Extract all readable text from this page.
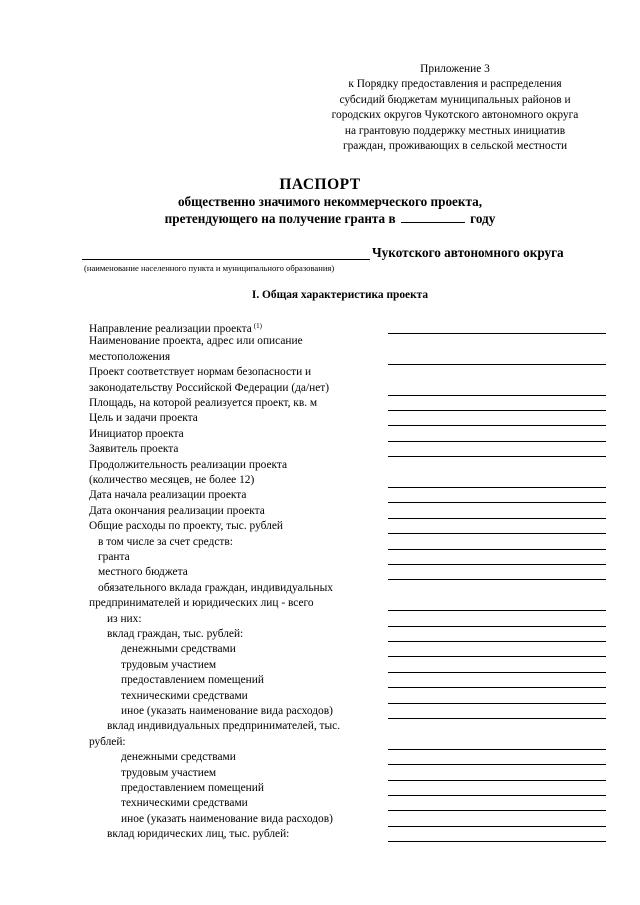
Приложение 3
к Порядку предоставления и распределения
субсидий бюджетам муниципальных районов и
городских округов Чукотского автономного округа
на грантовую поддержку местных инициатив
граждан, проживающих в сельской местности
ПАСПОРТ
общественно значимого некоммерческого проекта,
претендующего на получение гранта в	году
Чукотского автономного округа
(наименование населенного пункта и муниципального образования)
I. Общая характеристика проекта
Направление реализации проекта $^{(1)}$
Наименование проекта, адрес или описание
местоположения
Проект соответствует нормам безопасности и
законодательству Российской Федерации (да/нет)
Площадь, на которой реализуется проект, кв. м
Цель и задачи проекта
Инициатор проекта
Заявитель проекта
Продолжительность реализации проекта
(количество месяцев, не более 12)
Дата начала реализации проекта
Дата окончания реализации проекта
Общие расходы по проекту, тыс. рублей
в том числе за счет средств:
гранта
местного бюджета
обязательного вклада граждан, индивидуальных
предпринимателей и юридических лиц - всего
из них:
вклад граждан, тыс. рублей:
денежными средствами
трудовым участием
предоставлением помещений
техническими средствами
иное (указать наименование вида расходов)
вклад индивидуальных предпринимателей, тыс.
рублей:
денежными средствами
трудовым участием
предоставлением помещений
техническими средствами
иное (указать наименование вида расходов)
вклад юридических лиц, тыс. рублей:
